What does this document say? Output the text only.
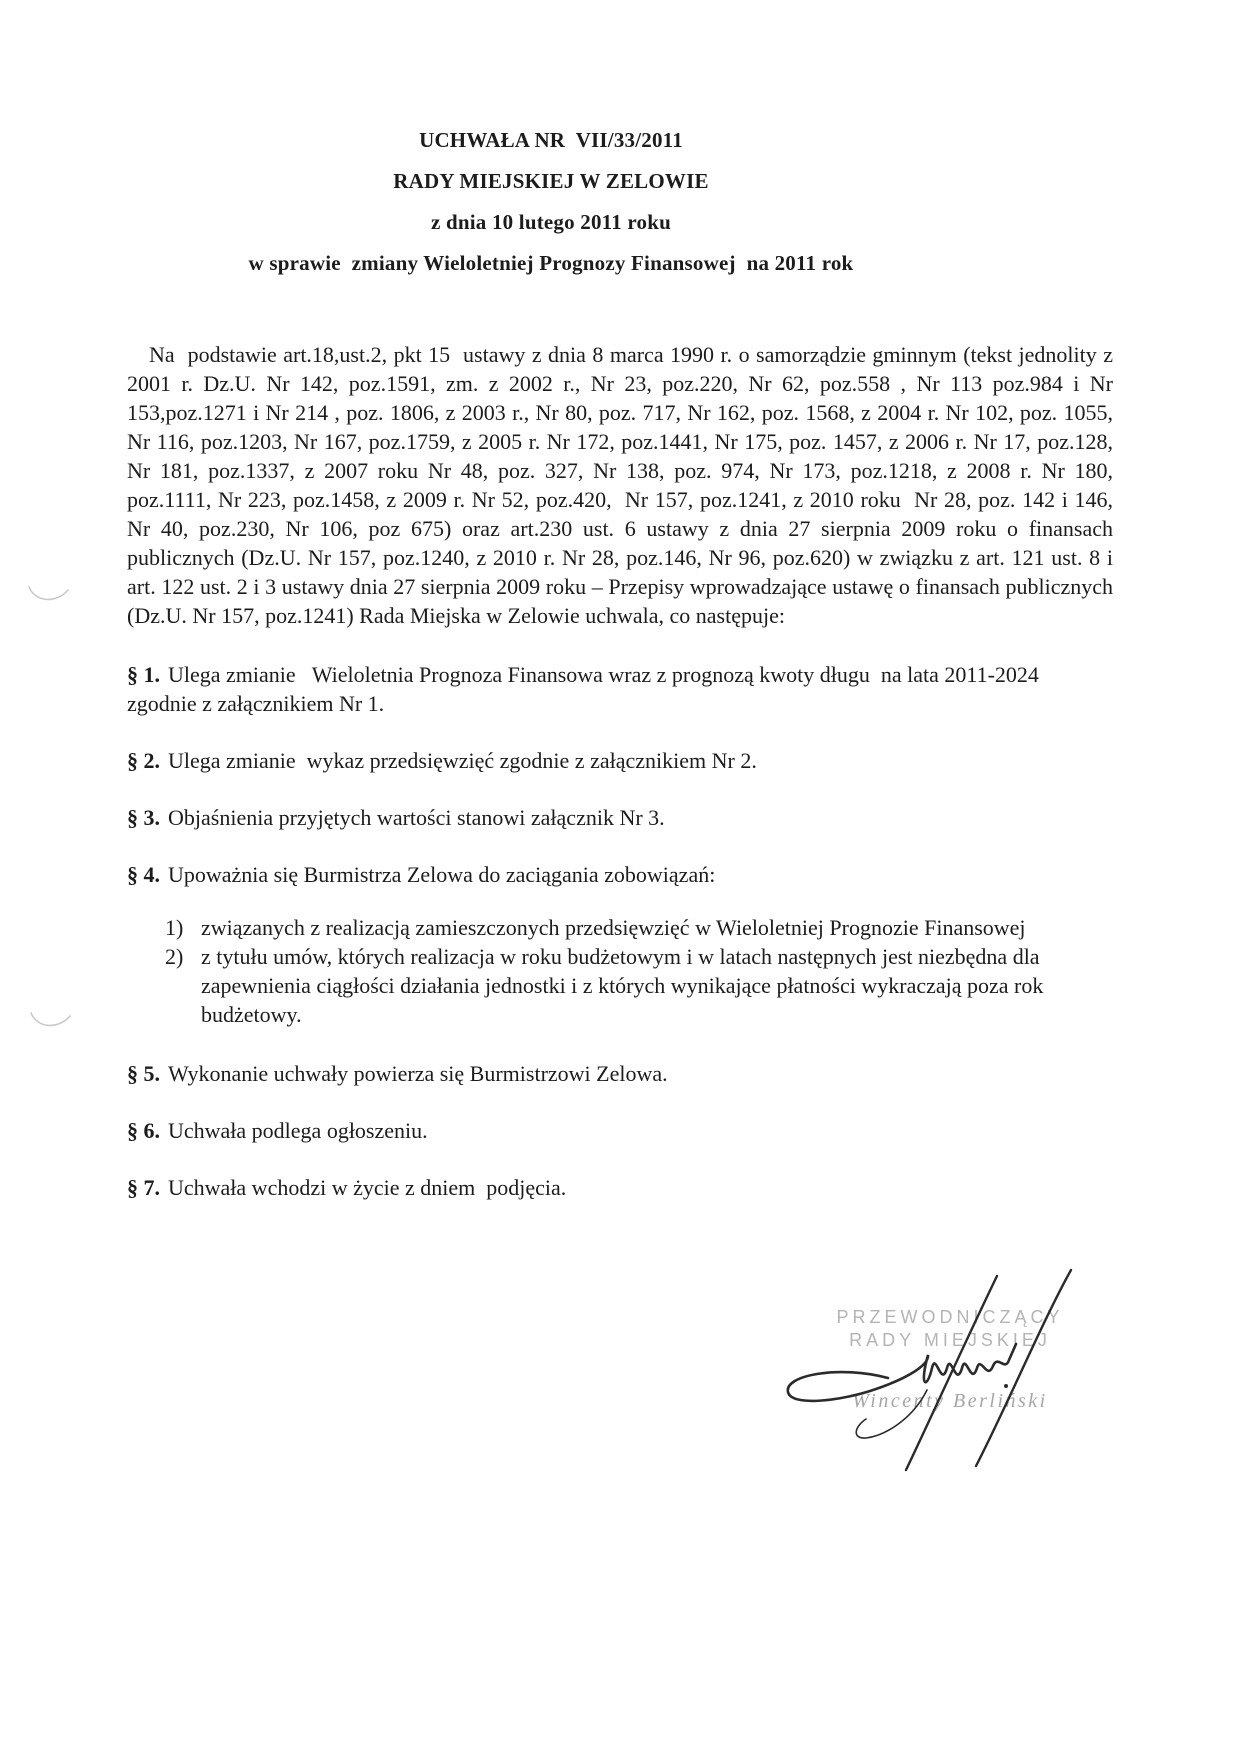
UCHWAŁA NR  VII/33/2011

RADY MIEJSKIEJ W ZELOWIE

z dnia 10 lutego 2011 roku

w sprawie  zmiany Wieloletniej Prognozy Finansowej  na 2011 rok

Na  podstawie art.18,ust.2, pkt 15  ustawy z dnia 8 marca 1990 r. o samorządzie gminnym (tekst jednolity z 2001 r. Dz.U. Nr 142, poz.1591, zm. z 2002 r., Nr 23, poz.220, Nr 62, poz.558 , Nr 113 poz.984 i Nr 153,poz.1271 i Nr 214 , poz. 1806, z 2003 r., Nr 80, poz. 717, Nr 162, poz. 1568, z 2004 r. Nr 102, poz. 1055, Nr 116, poz.1203, Nr 167, poz.1759, z 2005 r. Nr 172, poz.1441, Nr 175, poz. 1457, z 2006 r. Nr 17, poz.128, Nr 181, poz.1337, z 2007 roku Nr 48, poz. 327, Nr 138, poz. 974, Nr 173, poz.1218, z 2008 r. Nr 180, poz.1111, Nr 223, poz.1458, z 2009 r. Nr 52, poz.420,  Nr 157, poz.1241, z 2010 roku  Nr 28, poz. 142 i 146, Nr 40, poz.230, Nr 106, poz 675) oraz art.230 ust. 6 ustawy z dnia 27 sierpnia 2009 roku o finansach publicznych (Dz.U. Nr 157, poz.1240, z 2010 r. Nr 28, poz.146, Nr 96, poz.620) w związku z art. 121 ust. 8 i art. 122 ust. 2 i 3 ustawy dnia 27 sierpnia 2009 roku – Przepisy wprowadzające ustawę o finansach publicznych (Dz.U. Nr 157, poz.1241) Rada Miejska w Zelowie uchwala, co następuje:

§ 1. Ulega zmianie   Wieloletnia Prognoza Finansowa wraz z prognozą kwoty długu  na lata 2011-2024 zgodnie z załącznikiem Nr 1.

§ 2. Ulega zmianie  wykaz przedsięwzięć zgodnie z załącznikiem Nr 2.

§ 3. Objaśnienia przyjętych wartości stanowi załącznik Nr 3.

§ 4. Upoważnia się Burmistrza Zelowa do zaciągania zobowiązań:

1) związanych z realizacją zamieszczonych przedsięwzięć w Wieloletniej Prognozie Finansowej
2) z tytułu umów, których realizacja w roku budżetowym i w latach następnych jest niezbędna dla zapewnienia ciągłości działania jednostki i z których wynikające płatności wykraczają poza rok budżetowy.

§ 5. Wykonanie uchwały powierza się Burmistrzowi Zelowa.

§ 6. Uchwała podlega ogłoszeniu.

§ 7. Uchwała wchodzi w życie z dniem  podjęcia.

PRZEWODNICZĄCY
RADY MIEJSKIEJ
Wincenty Berliński
